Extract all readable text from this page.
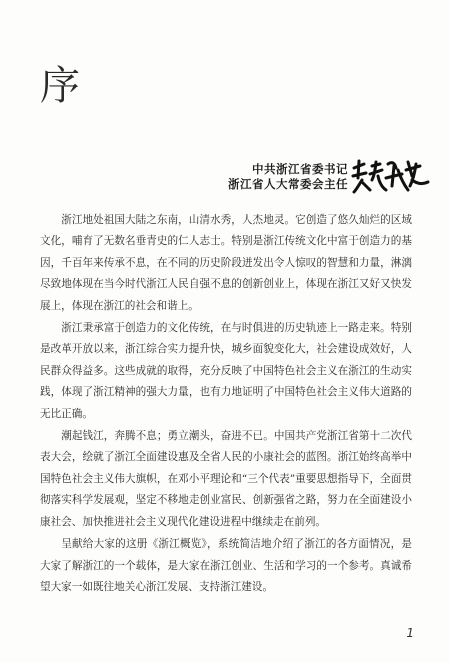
序
中共浙江省委书记
浙江省人大常委会主任

浙江地处祖国大陆之东南，山清水秀，人杰地灵。它创造了悠久灿烂的区域文化，哺育了无数名垂青史的仁人志士。特别是浙江传统文化中富于创造力的基因，千百年来传承不息，在不同的历史阶段迸发出令人惊叹的智慧和力量，淋漓尽致地体现在当今时代浙江人民自强不息的创新创业上，体现在浙江又好又快发展上，体现在浙江的社会和谐上。

浙江秉承富于创造力的文化传统，在与时俱进的历史轨迹上一路走来。特别是改革开放以来，浙江综合实力提升快，城乡面貌变化大，社会建设成效好，人民群众得益多。这些成就的取得，充分反映了中国特色社会主义在浙江的生动实践，体现了浙江精神的强大力量，也有力地证明了中国特色社会主义伟大道路的无比正确。

潮起钱江，奔腾不息；勇立潮头，奋进不已。中国共产党浙江省第十二次代表大会，绘就了浙江全面建设惠及全省人民的小康社会的蓝图。浙江始终高举中国特色社会主义伟大旗帜，在邓小平理论和“三个代表”重要思想指导下，全面贯彻落实科学发展观，坚定不移地走创业富民、创新强省之路，努力在全面建设小康社会、加快推进社会主义现代化建设进程中继续走在前列。

呈献给大家的这册《浙江概览》，系统简洁地介绍了浙江的各方面情况，是大家了解浙江的一个载体，是大家在浙江创业、生活和学习的一个参考。真诚希望大家一如既往地关心浙江发展、支持浙江建设。

1
